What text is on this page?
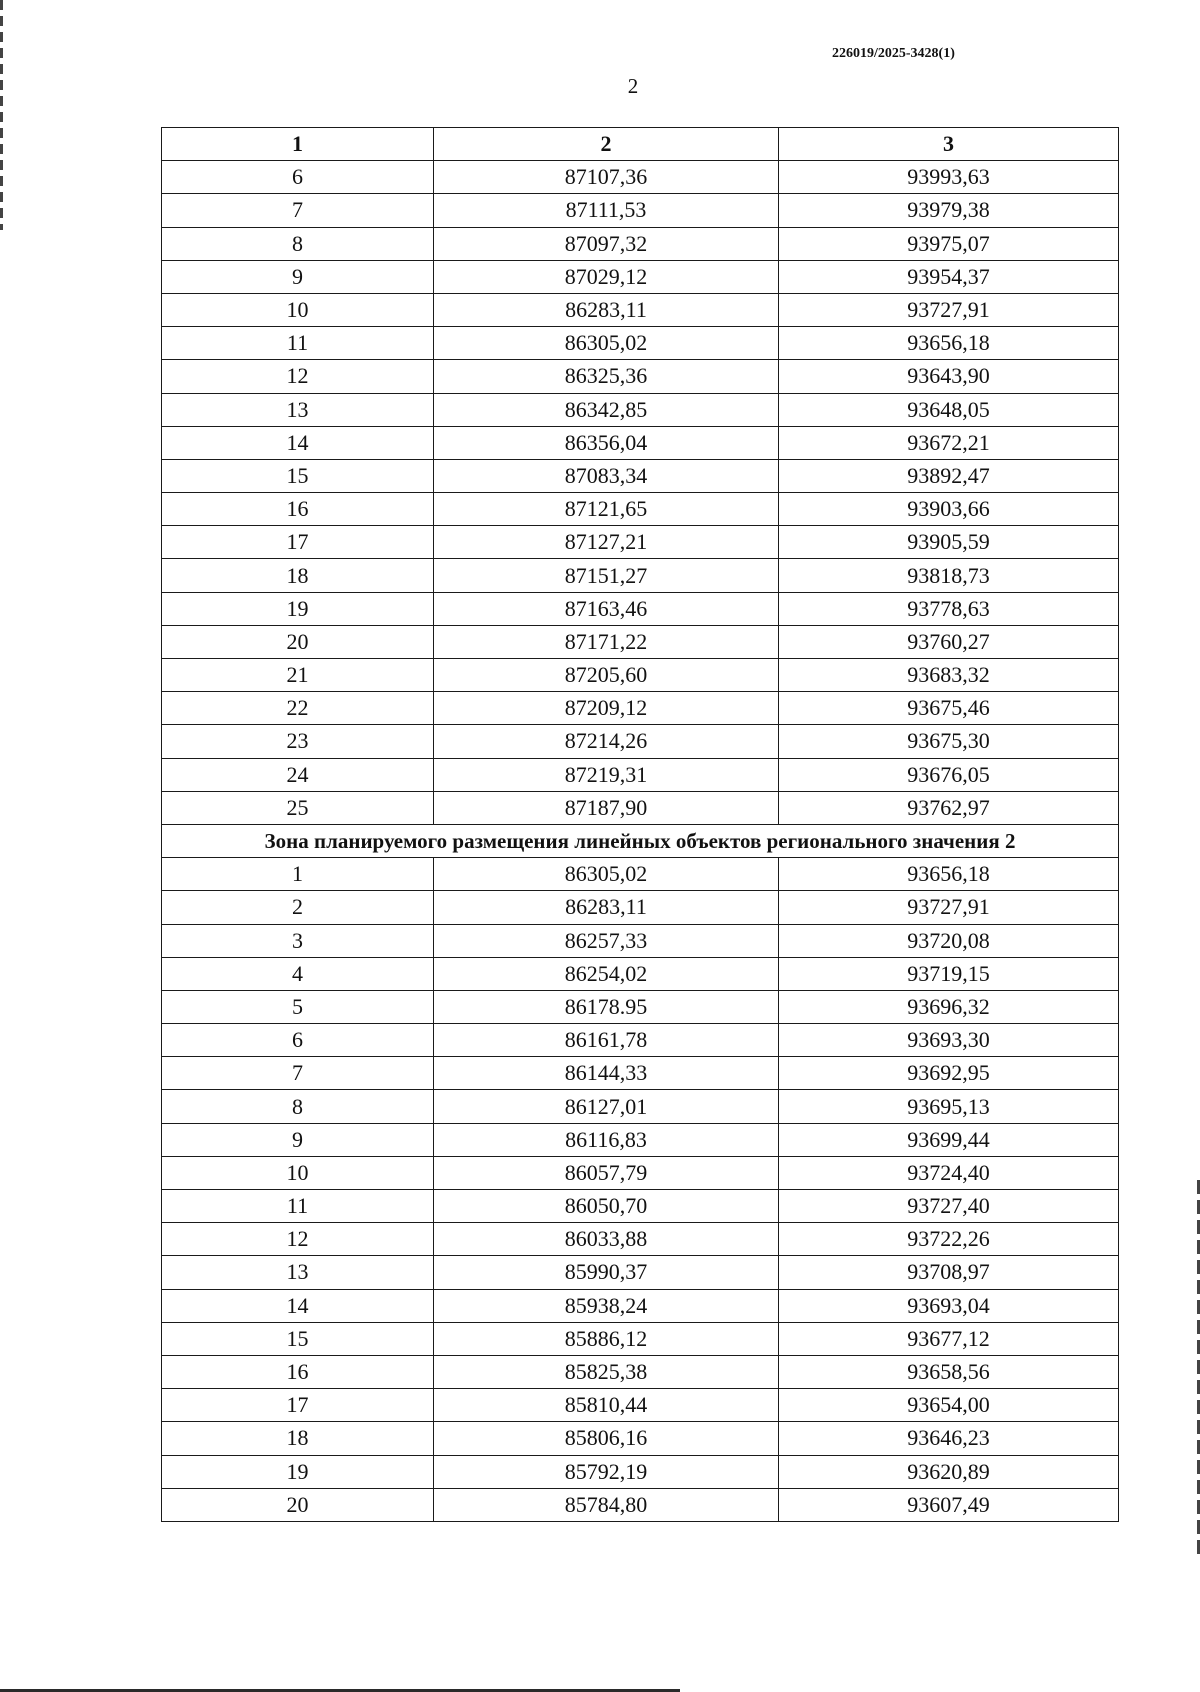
226019/2025-3428(1)
2
1	2	3
6	87107,36	93993,63
7	87111,53	93979,38
8	87097,32	93975,07
9	87029,12	93954,37
10	86283,11	93727,91
11	86305,02	93656,18
12	86325,36	93643,90
13	86342,85	93648,05
14	86356,04	93672,21
15	87083,34	93892,47
16	87121,65	93903,66
17	87127,21	93905,59
18	87151,27	93818,73
19	87163,46	93778,63
20	87171,22	93760,27
21	87205,60	93683,32
22	87209,12	93675,46
23	87214,26	93675,30
24	87219,31	93676,05
25	87187,90	93762,97
Зона планируемого размещения линейных объектов регионального значения 2		
1	86305,02	93656,18
2	86283,11	93727,91
3	86257,33	93720,08
4	86254,02	93719,15
5	86178.95	93696,32
6	86161,78	93693,30
7	86144,33	93692,95
8	86127,01	93695,13
9	86116,83	93699,44
10	86057,79	93724,40
11	86050,70	93727,40
12	86033,88	93722,26
13	85990,37	93708,97
14	85938,24	93693,04
15	85886,12	93677,12
16	85825,38	93658,56
17	85810,44	93654,00
18	85806,16	93646,23
19	85792,19	93620,89
20	85784,80	93607,49
